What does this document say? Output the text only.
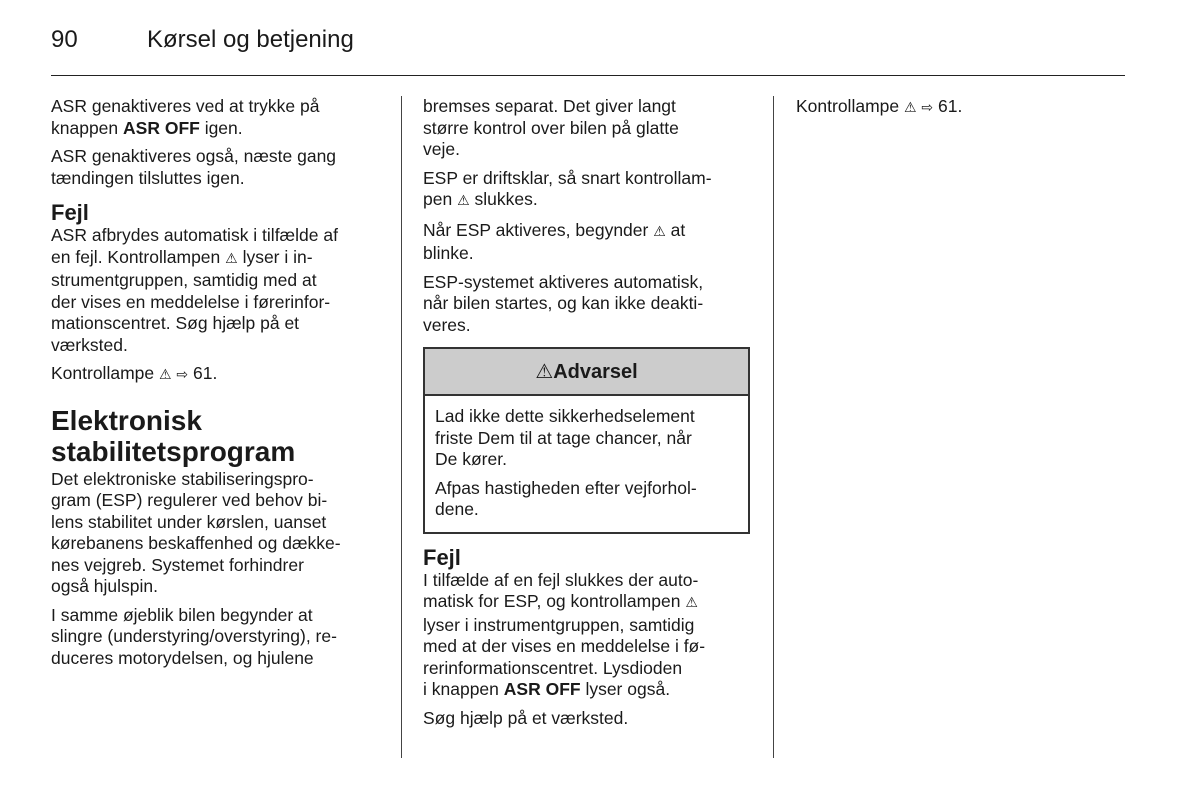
90	Kørsel og betjening

ASR genaktiveres ved at trykke på
knappen ASR OFF igen.

ASR genaktiveres også, næste gang
tændingen tilsluttes igen.

Fejl

ASR afbrydes automatisk i tilfælde af
en fejl. Kontrollampen ⚠ lyser i in-
strumentgruppen, samtidig med at
der vises en meddelelse i førerinfor-
mationscentret. Søg hjælp på et
værksted.

Kontrollampe ⚠ ⇨ 61.

Elektronisk
stabilitetsprogram

Det elektroniske stabiliseringspro-
gram (ESP) regulerer ved behov bi-
lens stabilitet under kørslen, uanset
kørebanens beskaffenhed og dække-
nes vejgreb. Systemet forhindrer
også hjulspin.

I samme øjeblik bilen begynder at
slingre (understyring/overstyring), re-
duceres motorydelsen, og hjulene

bremses separat. Det giver langt
større kontrol over bilen på glatte
veje.

ESP er driftsklar, så snart kontrollam-
pen ⚠ slukkes.

Når ESP aktiveres, begynder ⚠ at
blinke.

ESP-systemet aktiveres automatisk,
når bilen startes, og kan ikke deakti-
veres.

⚠Advarsel

Lad ikke dette sikkerhedselement
friste Dem til at tage chancer, når
De kører.

Afpas hastigheden efter vejforhol-
dene.

Fejl

I tilfælde af en fejl slukkes der auto-
matisk for ESP, og kontrollampen ⚠
lyser i instrumentgruppen, samtidig
med at der vises en meddelelse i fø-
rerinformationscentret. Lysdioden
i knappen ASR OFF lyser også.

Søg hjælp på et værksted.

Kontrollampe ⚠ ⇨ 61.
